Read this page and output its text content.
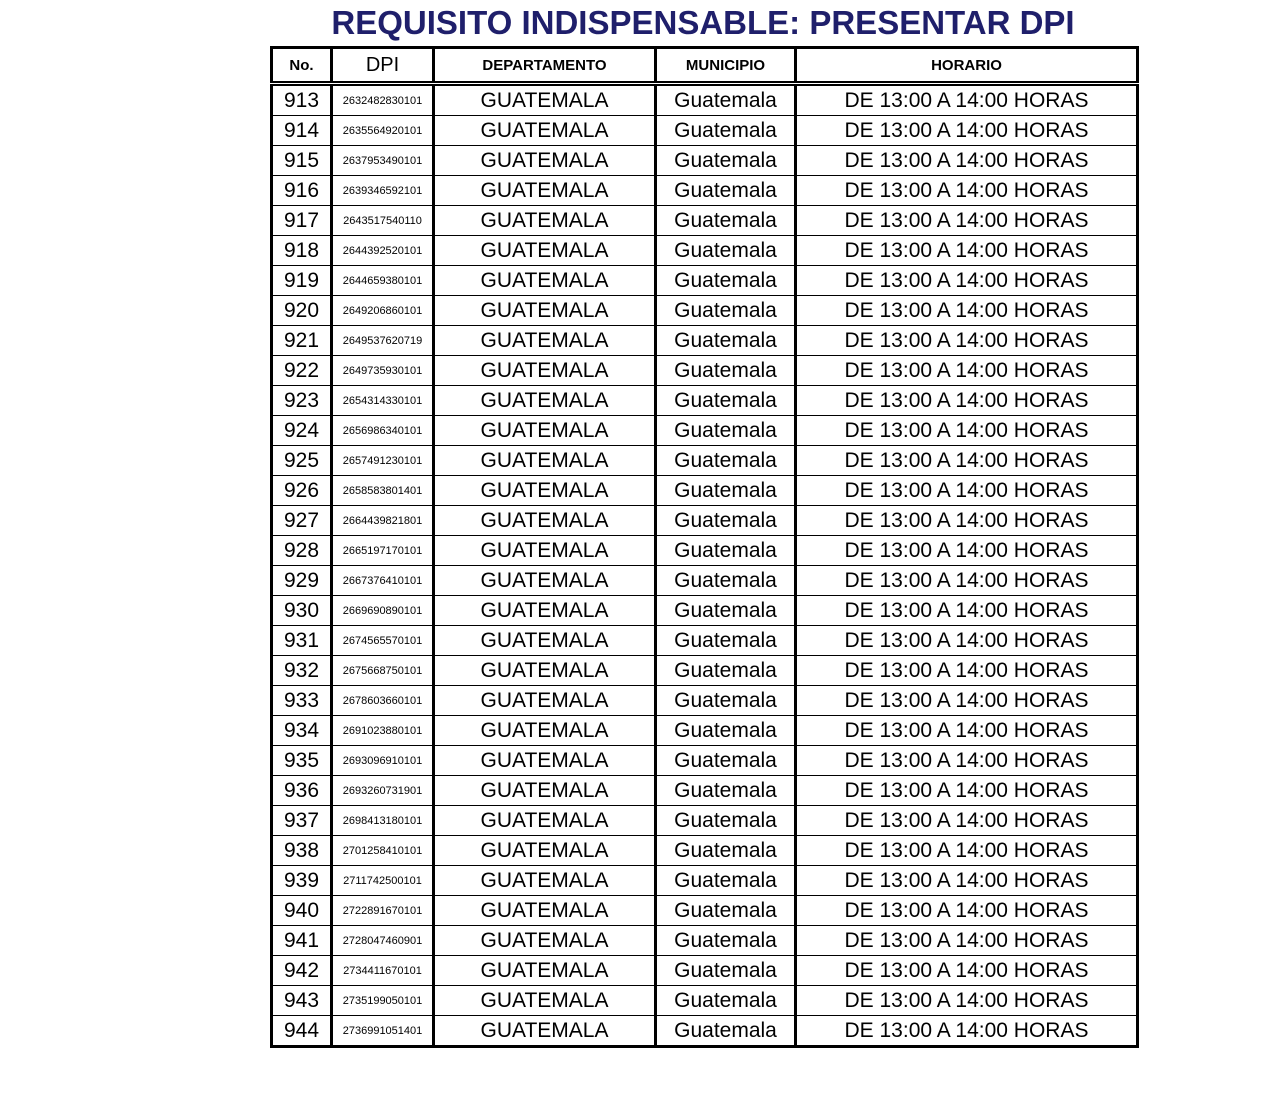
REQUISITO INDISPENSABLE: PRESENTAR DPI
No.	DPI	DEPARTAMENTO	MUNICIPIO	HORARIO
913	2632482830101	GUATEMALA	Guatemala	DE 13:00 A 14:00 HORAS
914	2635564920101	GUATEMALA	Guatemala	DE 13:00 A 14:00 HORAS
915	2637953490101	GUATEMALA	Guatemala	DE 13:00 A 14:00 HORAS
916	2639346592101	GUATEMALA	Guatemala	DE 13:00 A 14:00 HORAS
917	2643517540110	GUATEMALA	Guatemala	DE 13:00 A 14:00 HORAS
918	2644392520101	GUATEMALA	Guatemala	DE 13:00 A 14:00 HORAS
919	2644659380101	GUATEMALA	Guatemala	DE 13:00 A 14:00 HORAS
920	2649206860101	GUATEMALA	Guatemala	DE 13:00 A 14:00 HORAS
921	2649537620719	GUATEMALA	Guatemala	DE 13:00 A 14:00 HORAS
922	2649735930101	GUATEMALA	Guatemala	DE 13:00 A 14:00 HORAS
923	2654314330101	GUATEMALA	Guatemala	DE 13:00 A 14:00 HORAS
924	2656986340101	GUATEMALA	Guatemala	DE 13:00 A 14:00 HORAS
925	2657491230101	GUATEMALA	Guatemala	DE 13:00 A 14:00 HORAS
926	2658583801401	GUATEMALA	Guatemala	DE 13:00 A 14:00 HORAS
927	2664439821801	GUATEMALA	Guatemala	DE 13:00 A 14:00 HORAS
928	2665197170101	GUATEMALA	Guatemala	DE 13:00 A 14:00 HORAS
929	2667376410101	GUATEMALA	Guatemala	DE 13:00 A 14:00 HORAS
930	2669690890101	GUATEMALA	Guatemala	DE 13:00 A 14:00 HORAS
931	2674565570101	GUATEMALA	Guatemala	DE 13:00 A 14:00 HORAS
932	2675668750101	GUATEMALA	Guatemala	DE 13:00 A 14:00 HORAS
933	2678603660101	GUATEMALA	Guatemala	DE 13:00 A 14:00 HORAS
934	2691023880101	GUATEMALA	Guatemala	DE 13:00 A 14:00 HORAS
935	2693096910101	GUATEMALA	Guatemala	DE 13:00 A 14:00 HORAS
936	2693260731901	GUATEMALA	Guatemala	DE 13:00 A 14:00 HORAS
937	2698413180101	GUATEMALA	Guatemala	DE 13:00 A 14:00 HORAS
938	2701258410101	GUATEMALA	Guatemala	DE 13:00 A 14:00 HORAS
939	2711742500101	GUATEMALA	Guatemala	DE 13:00 A 14:00 HORAS
940	2722891670101	GUATEMALA	Guatemala	DE 13:00 A 14:00 HORAS
941	2728047460901	GUATEMALA	Guatemala	DE 13:00 A 14:00 HORAS
942	2734411670101	GUATEMALA	Guatemala	DE 13:00 A 14:00 HORAS
943	2735199050101	GUATEMALA	Guatemala	DE 13:00 A 14:00 HORAS
944	2736991051401	GUATEMALA	Guatemala	DE 13:00 A 14:00 HORAS
